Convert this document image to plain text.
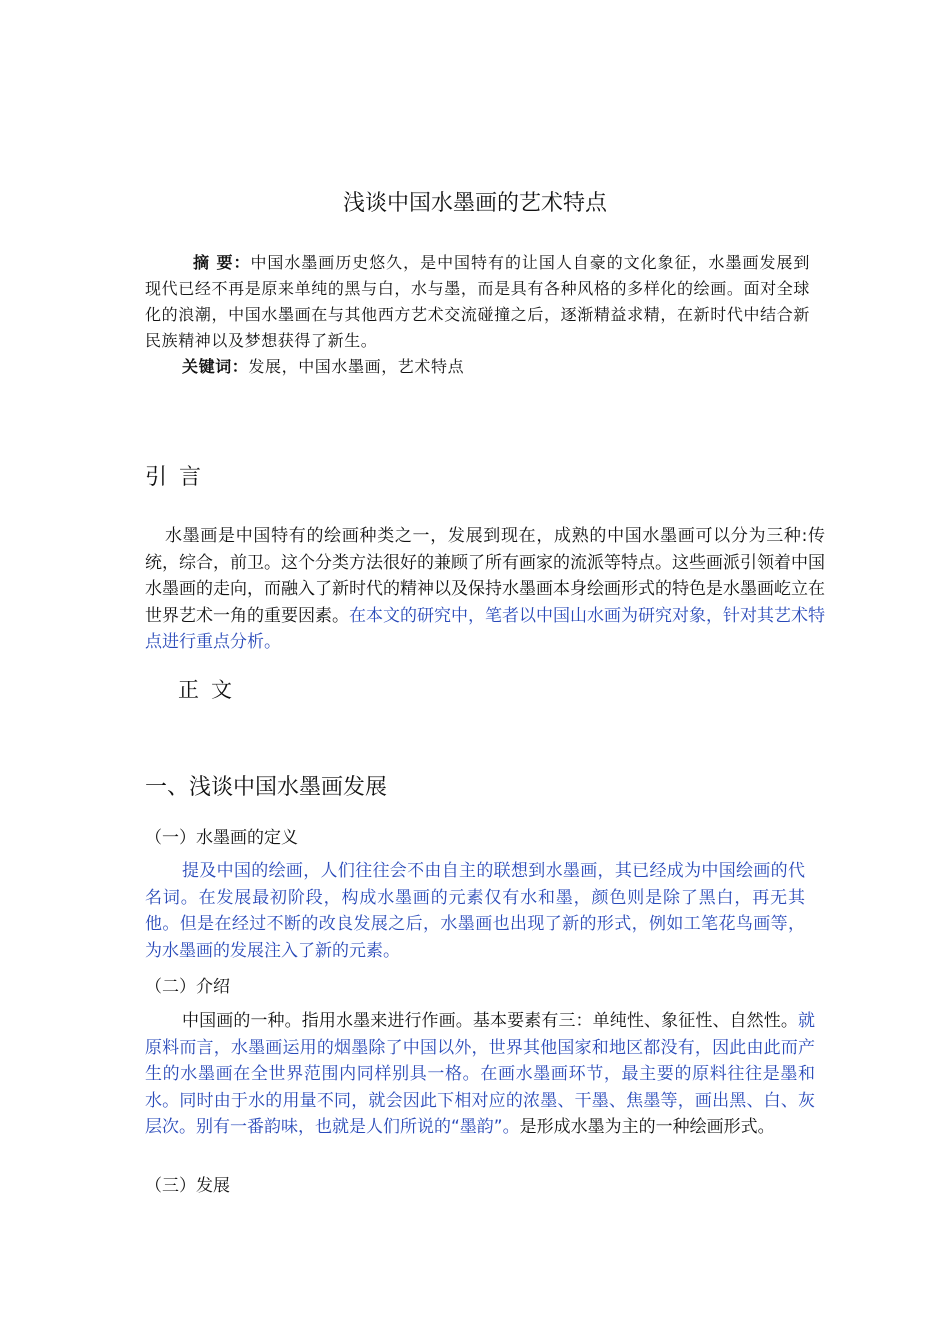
浅谈中国水墨画的艺术特点

摘 要：中国水墨画历史悠久，是中国特有的让国人自豪的文化象征，水墨画发展到现代已经不再是原来单纯的黑与白，水与墨，而是具有各种风格的多样化的绘画。面对全球化的浪潮，中国水墨画在与其他西方艺术交流碰撞之后，逐渐精益求精，在新时代中结合新民族精神以及梦想获得了新生。

关键词：发展，中国水墨画，艺术特点

引言

水墨画是中国特有的绘画种类之一，发展到现在，成熟的中国水墨画可以分为三种:传统，综合，前卫。这个分类方法很好的兼顾了所有画家的流派等特点。这些画派引领着中国水墨画的走向，而融入了新时代的精神以及保持水墨画本身绘画形式的特色是水墨画屹立在世界艺术一角的重要因素。在本文的研究中，笔者以中国山水画为研究对象，针对其艺术特点进行重点分析。

正文
一、浅谈中国水墨画发展
（一）水墨画的定义

提及中国的绘画，人们往往会不由自主的联想到水墨画，其已经成为中国绘画的代名词。在发展最初阶段，构成水墨画的元素仅有水和墨，颜色则是除了黑白，再无其他。但是在经过不断的改良发展之后，水墨画也出现了新的形式，例如工笔花鸟画等，为水墨画的发展注入了新的元素。

（二）介绍

中国画的一种。指用水墨来进行作画。基本要素有三：单纯性、象征性、自然性。就原料而言，水墨画运用的烟墨除了中国以外，世界其他国家和地区都没有，因此由此而产生的水墨画在全世界范围内同样别具一格。在画水墨画环节，最主要的原料往往是墨和水。同时由于水的用量不同，就会因此下相对应的浓墨、干墨、焦墨等，画出黑、白、灰层次。别有一番韵味，也就是人们所说的“墨韵”。是形成水墨为主的一种绘画形式。

（三）发展
